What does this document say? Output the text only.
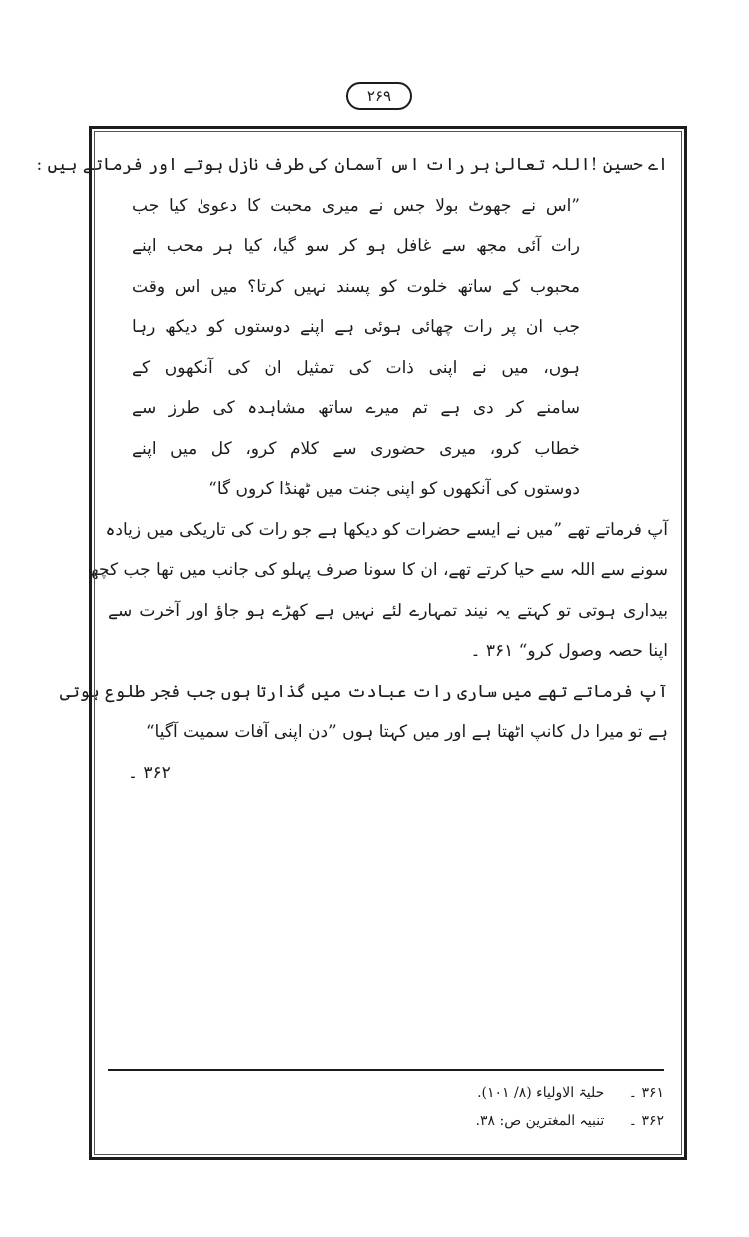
۲۶۹
اے حسین !اللہ تعالیٰ ہر رات اس آسمان کی طرف نازل ہوتے اور فرماتے ہیں :
”اس نے جھوٹ بولا جس نے میری محبت کا دعویٰ کیا جب
رات آئی مجھ سے غافل ہو کر سو گیا، کیا ہر محب اپنے
محبوب کے ساتھ خلوت کو پسند نہیں کرتا؟ میں اس وقت
جب ان پر رات چھائی ہوئی ہے اپنے دوستوں کو دیکھ رہا
ہوں، میں نے اپنی ذات کی تمثیل ان کی آنکھوں کے
سامنے کر دی ہے تم میرے ساتھ مشاہدہ کی طرز سے
خطاب کرو، میری حضوری سے کلام کرو، کل میں اپنے
دوستوں کی آنکھوں کو اپنی جنت میں ٹھنڈا کروں گا“
آپ فرماتے تھے ”میں نے ایسے حضرات کو دیکھا ہے جو رات کی تاریکی میں زیادہ
سونے سے اللہ سے حیا کرتے تھے، ان کا سونا صرف پہلو کی جانب میں تھا جب کچھ
بیداری ہوتی تو کہتے یہ نیند تمہارے لئے نہیں ہے کھڑے ہو جاؤ اور آخرت سے
اپنا حصہ وصول کرو“ ۳۶۱ ۔
آپ فرماتے تھے میں ساری رات عبادت میں گذارتا ہوں جب فجر طلوع ہوتی
ہے تو میرا دل کانپ اٹھتا ہے اور میں کہتا ہوں ”دن اپنی آفات سمیت آگیا“
۳۶۲ ۔
۳۶۱ ۔ حلیۃ الاولیاء (۸/ ۱۰۱).
۳۶۲ ۔ تنبیہ المغترین ص: ۳۸.
